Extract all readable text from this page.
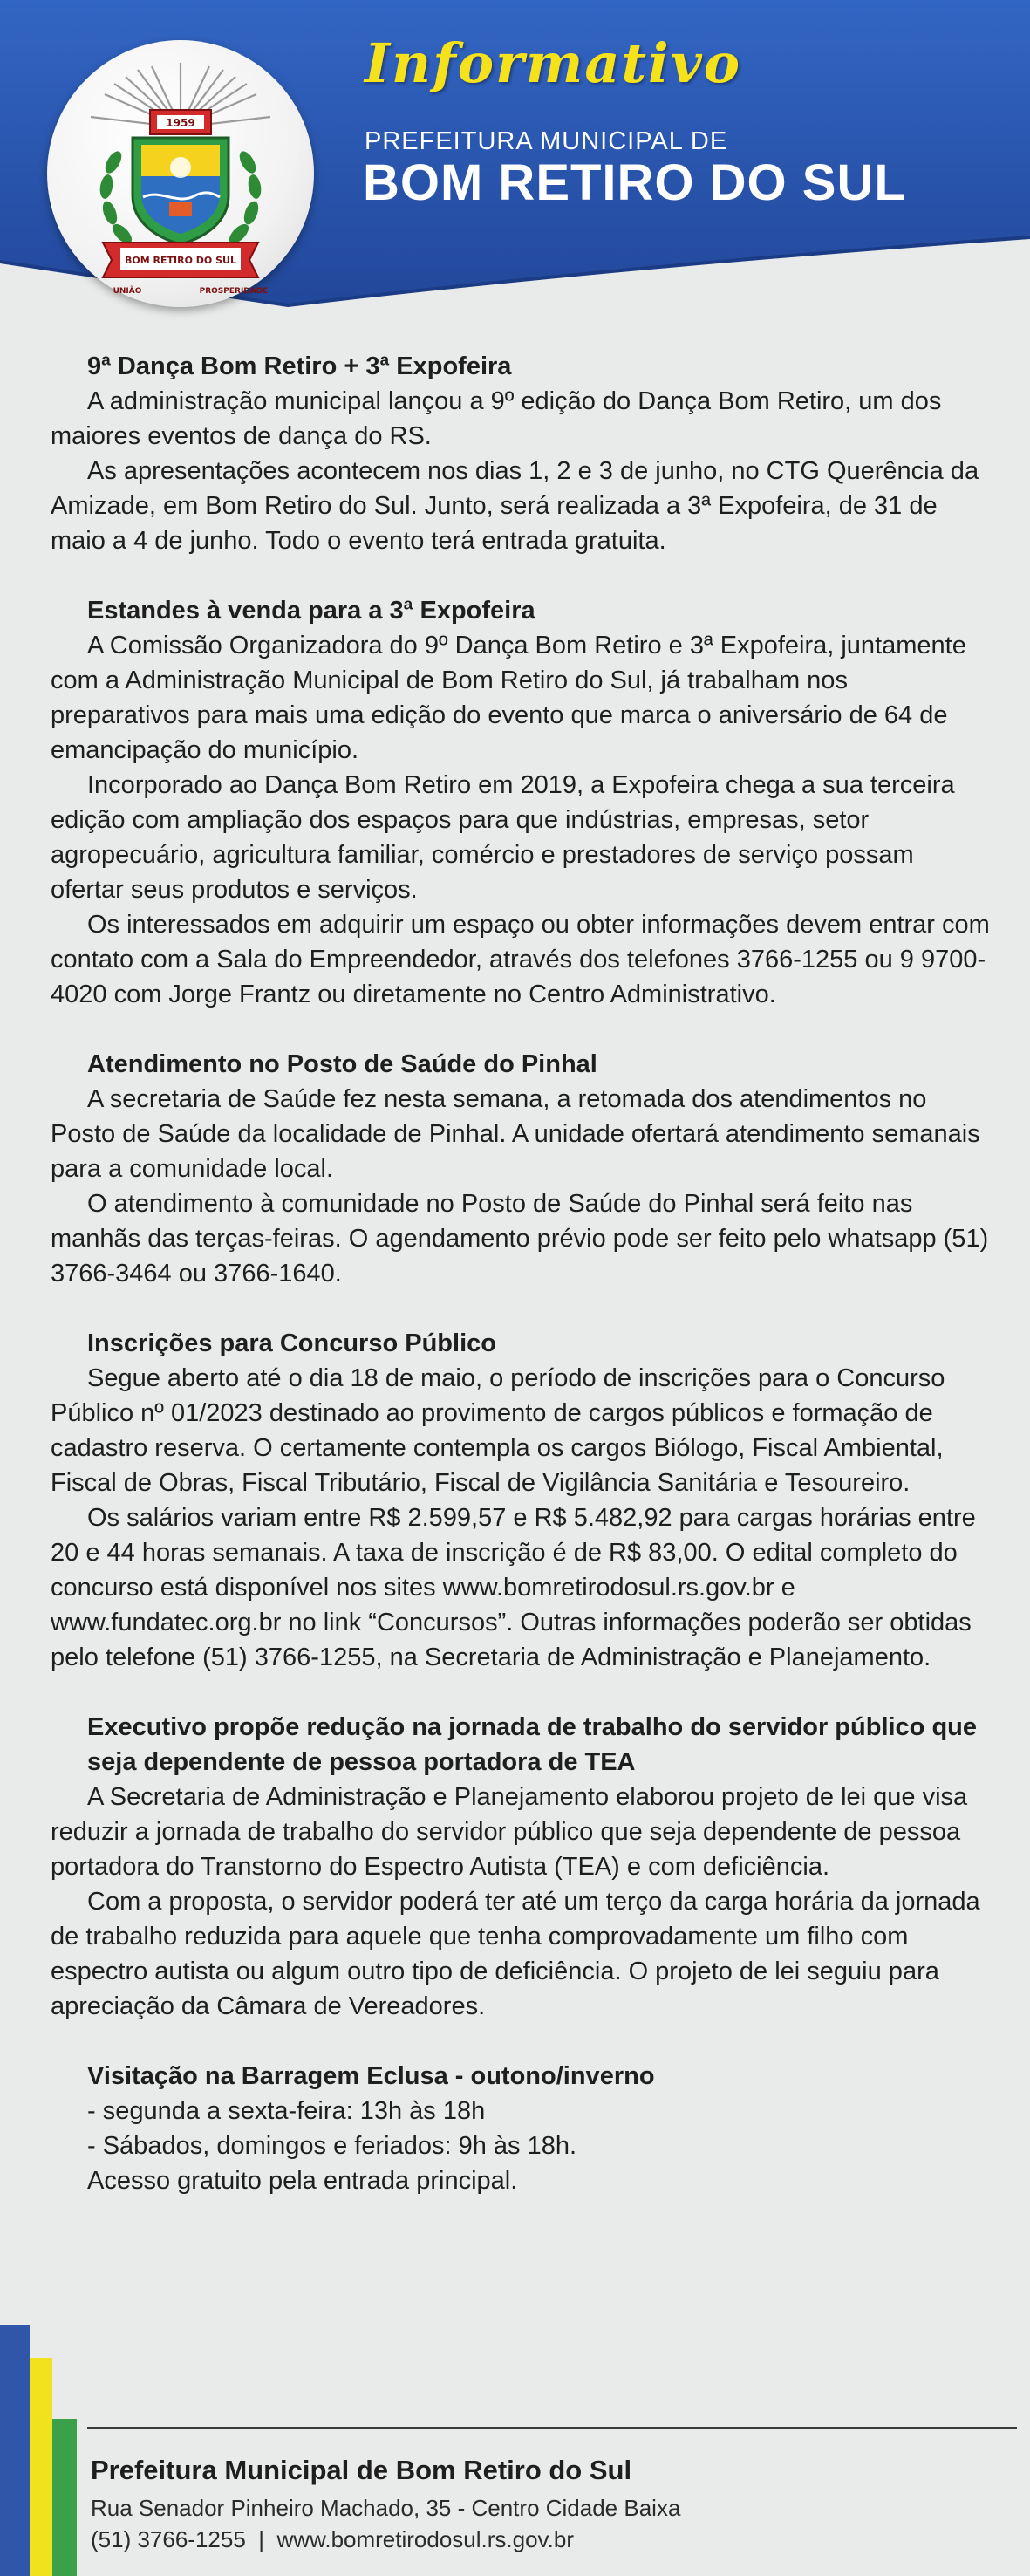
Informativo
PREFEITURA MUNICIPAL DE
BOM RETIRO DO SUL
1959
BOM RETIRO DO SUL
UNIÃO	PROSPERIDADE
9ª Dança Bom Retiro + 3ª Expofeira

A administração municipal lançou a 9º edição do Dança Bom Retiro, um dos maiores eventos de dança do RS.

As apresentações acontecem nos dias 1, 2 e 3 de junho, no CTG Querência da Amizade, em Bom Retiro do Sul. Junto, será realizada a 3ª Expofeira, de 31 de maio a 4 de junho. Todo o evento terá entrada gratuita.

Estandes à venda para a 3ª Expofeira

A Comissão Organizadora do 9º Dança Bom Retiro e 3ª Expofeira, juntamente com a Administração Municipal de Bom Retiro do Sul, já trabalham nos preparativos para mais uma edição do evento que marca o aniversário de 64 de emancipação do município.

Incorporado ao Dança Bom Retiro em 2019, a Expofeira chega a sua terceira edição com ampliação dos espaços para que indústrias, empresas, setor agropecuário, agricultura familiar, comércio e prestadores de serviço possam ofertar seus produtos e serviços.

Os interessados em adquirir um espaço ou obter informações devem entrar com contato com a Sala do Empreendedor, através dos telefones 3766-1255 ou 9 9700-4020 com Jorge Frantz ou diretamente no Centro Administrativo.

Atendimento no Posto de Saúde do Pinhal

A secretaria de Saúde fez nesta semana, a retomada dos atendimentos no Posto de Saúde da localidade de Pinhal. A unidade ofertará atendimento semanais para a comunidade local.

O atendimento à comunidade no Posto de Saúde do Pinhal será feito nas manhãs das terças-feiras. O agendamento prévio pode ser feito pelo whatsapp (51) 3766-3464 ou 3766-1640.

Inscrições para Concurso Público

Segue aberto até o dia 18 de maio, o período de inscrições para o Concurso Público nº 01/2023 destinado ao provimento de cargos públicos e formação de cadastro reserva. O certamente contempla os cargos Biólogo, Fiscal Ambiental, Fiscal de Obras, Fiscal Tributário, Fiscal de Vigilância Sanitária e Tesoureiro.

Os salários variam entre R$ 2.599,57 e R$ 5.482,92 para cargas horárias entre 20 e 44 horas semanais. A taxa de inscrição é de R$ 83,00. O edital completo do concurso está disponível nos sites www.bomretirodosul.rs.gov.br e www.fundatec.org.br no link “Concursos”. Outras informações poderão ser obtidas pelo telefone (51) 3766-1255, na Secretaria de Administração e Planejamento.

Executivo propõe redução na jornada de trabalho do servidor público que seja dependente de pessoa portadora de TEA

A Secretaria de Administração e Planejamento elaborou projeto de lei que visa reduzir a jornada de trabalho do servidor público que seja dependente de pessoa portadora do Transtorno do Espectro Autista (TEA) e com deficiência.

Com a proposta, o servidor poderá ter até um terço da carga horária da jornada de trabalho reduzida para aquele que tenha comprovadamente um filho com espectro autista ou algum outro tipo de deficiência. O projeto de lei seguiu para apreciação da Câmara de Vereadores.

Visitação na Barragem Eclusa - outono/inverno
- segunda a sexta-feira: 13h às 18h
- Sábados, domingos e feriados: 9h às 18h.
Acesso gratuito pela entrada principal.
Prefeitura Municipal de Bom Retiro do Sul
Rua Senador Pinheiro Machado, 35 - Centro Cidade Baixa
(51) 3766-1255  |  www.bomretirodosul.rs.gov.br
